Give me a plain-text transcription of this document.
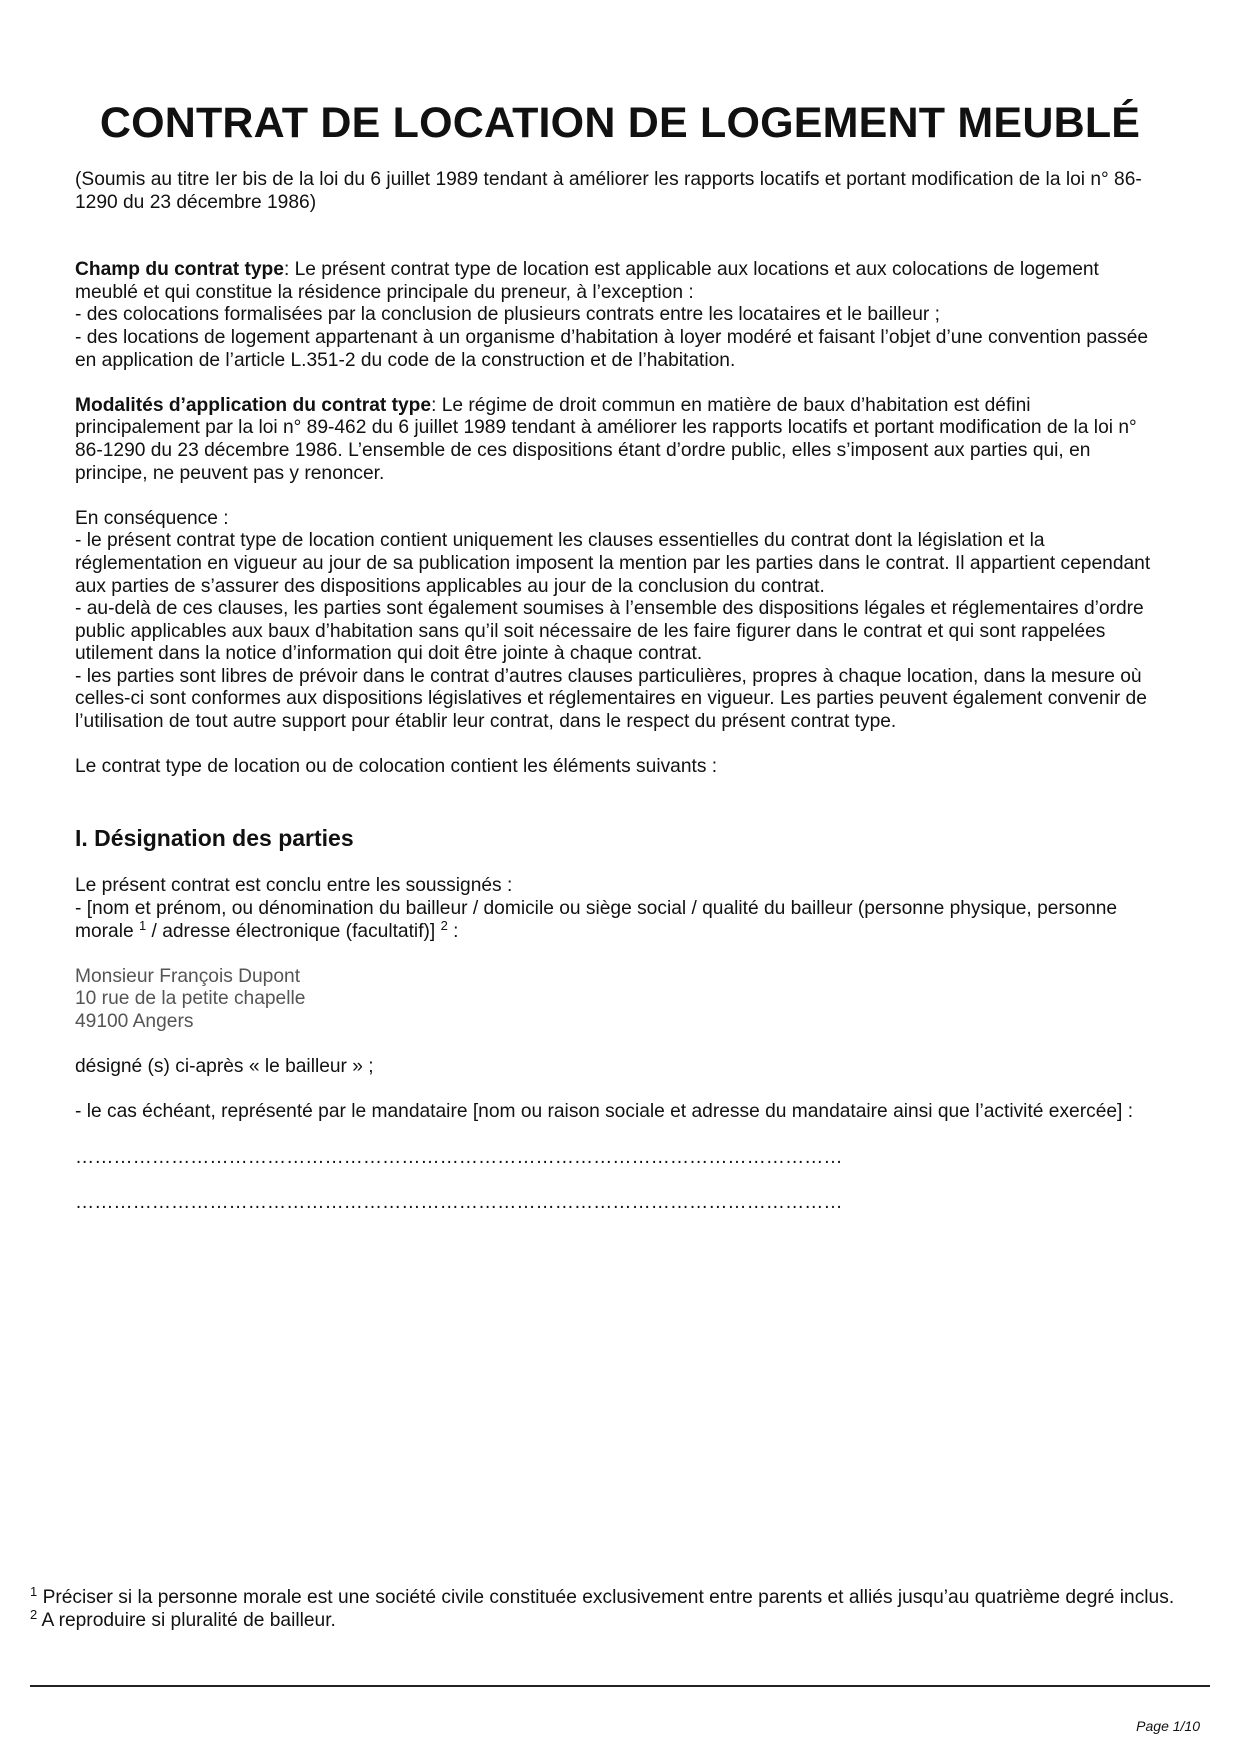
CONTRAT DE LOCATION DE LOGEMENT MEUBLÉ

(Soumis au titre Ier bis de la loi du 6 juillet 1989 tendant à améliorer les rapports locatifs et portant modification de la loi n° 86-1290 du 23 décembre 1986)

Champ du contrat type: Le présent contrat type de location est applicable aux locations et aux colocations de logement meublé et qui constitue la résidence principale du preneur, à l’exception :

- des colocations formalisées par la conclusion de plusieurs contrats entre les locataires et le bailleur ;

- des locations de logement appartenant à un organisme d’habitation à loyer modéré et faisant l’objet d’une convention passée en application de l’article L.351-2 du code de la construction et de l’habitation.

Modalités d’application du contrat type: Le régime de droit commun en matière de baux d’habitation est défini principalement par la loi n° 89-462 du 6 juillet 1989 tendant à améliorer les rapports locatifs et portant modification de la loi n° 86-1290 du 23 décembre 1986. L’ensemble de ces dispositions étant d’ordre public, elles s’imposent aux parties qui, en principe, ne peuvent pas y renoncer.

En conséquence :

- le présent contrat type de location contient uniquement les clauses essentielles du contrat dont la législation et la réglementation en vigueur au jour de sa publication imposent la mention par les parties dans le contrat. Il appartient cependant aux parties de s’assurer des dispositions applicables au jour de la conclusion du contrat.

- au-delà de ces clauses, les parties sont également soumises à l’ensemble des dispositions légales et réglementaires d’ordre public applicables aux baux d’habitation sans qu’il soit nécessaire de les faire figurer dans le contrat et qui sont rappelées utilement dans la notice d’information qui doit être jointe à chaque contrat.

- les parties sont libres de prévoir dans le contrat d’autres clauses particulières, propres à chaque location, dans la mesure où celles-ci sont conformes aux dispositions législatives et réglementaires en vigueur. Les parties peuvent également convenir de l’utilisation de tout autre support pour établir leur contrat, dans le respect du présent contrat type.

Le contrat type de location ou de colocation contient les éléments suivants :

I. Désignation des parties

Le présent contrat est conclu entre les soussignés :

- [nom et prénom, ou dénomination du bailleur / domicile ou siège social / qualité du bailleur (personne physique, personne morale $^1$ / adresse électronique (facultatif)] $^2$ :

Monsieur François Dupont

10 rue de la petite chapelle

49100 Angers

désigné (s) ci-après « le bailleur » ;

- le cas échéant, représenté par le mandataire [nom ou raison sociale et adresse du mandataire ainsi que l’activité exercée] :

…………………………………………………………………………………………………………

…………………………………………………………………………………………………………

$^1$ Préciser si la personne morale est une société civile constituée exclusivement entre parents et alliés jusqu’au quatrième degré inclus.

$^2$ A reproduire si pluralité de bailleur.

Page 1/10
